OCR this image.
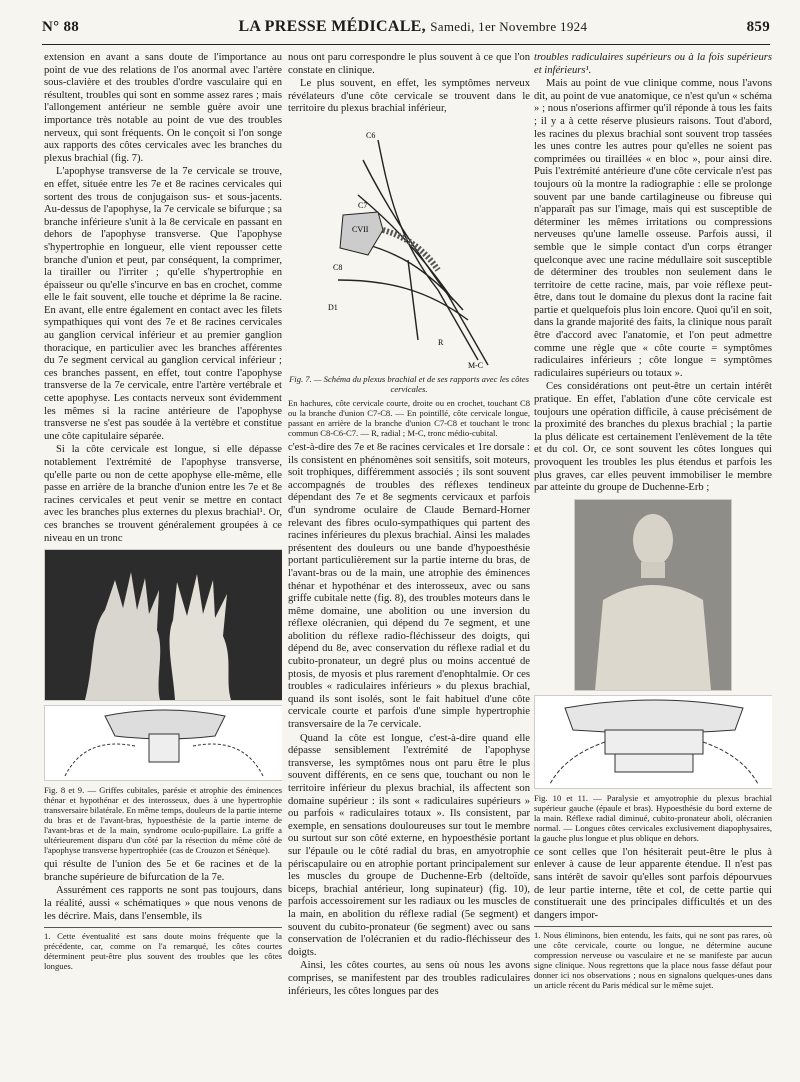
N° 88	LA PRESSE MÉDICALE, Samedi, 1er Novembre 1924	859

extension en avant a sans doute de l'importance au point de vue des relations de l'os anormal avec l'artère sous-clavière et des troubles d'ordre vasculaire qui en résultent, troubles qui sont en somme assez rares ; mais l'allongement antérieur ne semble guère avoir une importance très notable au point de vue des troubles nerveux, qui sont fréquents. On le conçoit si l'on songe aux rapports des côtes cervicales avec les branches du plexus brachial (fig. 7).

L'apophyse transverse de la 7e cervicale se trouve, en effet, située entre les 7e et 8e racines cervicales qui sortent des trous de conjugaison sus- et sous-jacents. Au-dessus de l'apophyse, la 7e cervicale se bifurque ; sa branche inférieure s'unit à la 8e cervicale en passant en dehors de l'apophyse transverse. Que l'apophyse s'hypertrophie en longueur, elle vient repousser cette branche d'union et peut, par conséquent, la comprimer, la tirailler ou l'irriter ; qu'elle s'hypertrophie en épaisseur ou qu'elle s'incurve en bas en crochet, comme elle le fait souvent, elle touche et déprime la 8e racine. En avant, elle entre également en contact avec les filets sympathiques qui vont des 7e et 8e racines cervicales au ganglion cervical inférieur et au premier ganglion thoracique, en particulier avec les branches afférentes du 7e segment cervical au ganglion cervical inférieur ; ces branches passent, en effet, tout contre l'apophyse transverse de la 7e cervicale, entre l'artère vertébrale et cette apophyse. Les contacts nerveux sont évidemment les mêmes si la racine antérieure de l'apophyse transverse ne s'est pas soudée à la vertèbre et constitue une côte capitulaire séparée.

Si la côte cervicale est longue, si elle dépasse notablement l'extrémité de l'apophyse transverse, qu'elle parte ou non de cette apophyse elle-même, elle passe en arrière de la branche d'union entre les 7e et 8e racines cervicales et peut venir se mettre en contact avec les branches plus externes du plexus brachial¹. Or, ces branches se trouvent généralement groupées à ce niveau en un tronc

Fig. 8 et 9. — Griffes cubitales, parésie et atrophie des éminences thénar et hypothénar et des interosseux, dues à une hypertrophie transversaire bilatérale. En même temps, douleurs de la partie interne du bras et de l'avant-bras, hypoesthésie de la partie interne de l'avant-bras et de la main, syndrome oculo-pupillaire. La griffe a ultérieurement disparu d'un côté par la résection du même côté de l'apophyse transverse hypertrophiée (cas de Crouzon et Sénèque).

qui résulte de l'union des 5e et 6e racines et de la branche supérieure de bifurcation de la 7e.

Assurément ces rapports ne sont pas toujours, dans la réalité, aussi « schématiques » que nous venons de les décrire. Mais, dans l'ensemble, ils

1. Cette éventualité est sans doute moins fréquente que la précédente, car, comme on l'a remarqué, les côtes courtes déterminent peut-être plus souvent des troubles que les côtes longues.

nous ont paru correspondre le plus souvent à ce que l'on constate en clinique.

Le plus souvent, en effet, les symptômes nerveux révélateurs d'une côte cervicale se trouvent dans le territoire du plexus brachial inférieur,

C6
C7
CVII
C8
D1
R
M-C
Fig. 7. — Schéma du plexus brachial et de ses rapports avec les côtes cervicales.
En hachures, côte cervicale courte, droite ou en crochet, touchant C8 ou la branche d'union C7-C8. — En pointillé, côte cervicale longue, passant en arrière de la branche d'union C7-C8 et touchant le tronc commun C8-C6-C7. — R, radial ; M-C, tronc médio-cubital.

c'est-à-dire des 7e et 8e racines cervicales et 1re dorsale : ils consistent en phénomènes soit sensitifs, soit moteurs, soit trophiques, différemment associés ; ils sont souvent accompagnés de troubles des réflexes tendineux dépendant des 7e et 8e segments cervicaux et parfois d'un syndrome oculaire de Claude Bernard-Horner relevant des fibres oculo-sympathiques qui partent des racines inférieures du plexus brachial. Ainsi les malades présentent des douleurs ou une bande d'hypoesthésie portant particulièrement sur la partie interne du bras, de l'avant-bras ou de la main, une atrophie des éminences thénar et hypothénar et des interosseux, avec ou sans griffe cubitale nette (fig. 8), des troubles moteurs dans le même domaine, une abolition ou une inversion du réflexe olécranien, qui dépend du 7e segment, et une abolition du réflexe radio-fléchisseur des doigts, qui dépend du 8e, avec conservation du réflexe radial et du cubito-pronateur, un degré plus ou moins accentué de ptosis, de myosis et plus rarement d'enophtalmie. Or ces troubles « radiculaires inférieurs » du plexus brachial, quand ils sont isolés, sont le fait habituel d'une côte cervicale courte et parfois d'une simple hypertrophie transversaire de la 7e cervicale.

Quand la côte est longue, c'est-à-dire quand elle dépasse sensiblement l'extrémité de l'apophyse transverse, les symptômes nous ont paru être le plus souvent différents, en ce sens que, touchant ou non le territoire inférieur du plexus brachial, ils affectent son domaine supérieur : ils sont « radiculaires supérieurs » ou parfois « radiculaires totaux ». Ils consistent, par exemple, en sensations douloureuses sur tout le membre ou surtout sur son côté externe, en hypoesthésie portant sur l'épaule ou le côté radial du bras, en amyotrophie périscapulaire ou en atrophie portant principalement sur les muscles du groupe de Duchenne-Erb (deltoïde, biceps, brachial antérieur, long supinateur) (fig. 10), parfois accessoirement sur les radiaux ou les muscles de la main, en abolition du réflexe radial (5e segment) et souvent du cubito-pronateur (6e segment) avec ou sans conservation de l'olécranien et du radio-fléchisseur des doigts.

Ainsi, les côtes courtes, au sens où nous les avons comprises, se manifestent par des troubles radiculaires inférieurs, les côtes longues par des

troubles radiculaires supérieurs ou à la fois supérieurs et inférieurs¹.

Mais au point de vue clinique comme, nous l'avons dit, au point de vue anatomique, ce n'est qu'un « schéma » ; nous n'oserions affirmer qu'il réponde à tous les faits ; il y a à cette réserve plusieurs raisons. Tout d'abord, les racines du plexus brachial sont souvent trop tassées les unes contre les autres pour qu'elles ne soient pas comprimées ou tiraillées « en bloc », pour ainsi dire. Puis l'extrémité antérieure d'une côte cervicale n'est pas toujours où la montre la radiographie : elle se prolonge souvent par une bande cartilagineuse ou fibreuse qui n'apparaît pas sur l'image, mais qui est susceptible de déterminer les mêmes irritations ou compressions nerveuses qu'une lamelle osseuse. Parfois aussi, il semble que le simple contact d'un corps étranger quelconque avec une racine médullaire soit susceptible de déterminer des troubles non seulement dans le territoire de cette racine, mais, par voie réflexe peut-être, dans tout le domaine du plexus dont la racine fait partie et quelquefois plus loin encore. Quoi qu'il en soit, dans la grande majorité des faits, la clinique nous paraît être d'accord avec l'anatomie, et l'on peut admettre comme une règle que « côte courte = symptômes radiculaires inférieurs ; côte longue = symptômes radiculaires supérieurs ou totaux ».

Ces considérations ont peut-être un certain intérêt pratique. En effet, l'ablation d'une côte cervicale est toujours une opération difficile, à cause précisément de la proximité des branches du plexus brachial ; la partie la plus délicate est certainement l'enlèvement de la tête et du col. Or, ce sont souvent les côtes longues qui provoquent les troubles les plus étendus et parfois les plus graves, car elles peuvent immobiliser le membre par atteinte du groupe de Duchenne-Erb ;

Fig. 10 et 11. — Paralysie et amyotrophie du plexus brachial supérieur gauche (épaule et bras). Hypoesthésie du bord externe de la main. Réflexe radial diminué, cubito-pronateur aboli, olécranien normal. — Longues côtes cervicales exclusivement diapophysaires, la gauche plus longue et plus oblique en dehors.

ce sont celles que l'on hésiterait peut-être le plus à enlever à cause de leur apparente étendue. Il n'est pas sans intérêt de savoir qu'elles sont parfois dépourvues de leur partie interne, tête et col, de cette partie qui constituerait une des principales difficultés et un des dangers impor-

1. Nous éliminons, bien entendu, les faits, qui ne sont pas rares, où une côte cervicale, courte ou longue, ne détermine aucune compression nerveuse ou vasculaire et ne se manifeste par aucun signe clinique. Nous regrettons que la place nous fasse défaut pour donner ici nos observations ; nous en signalons quelques-unes dans un article récent du Paris médical sur le même sujet.
